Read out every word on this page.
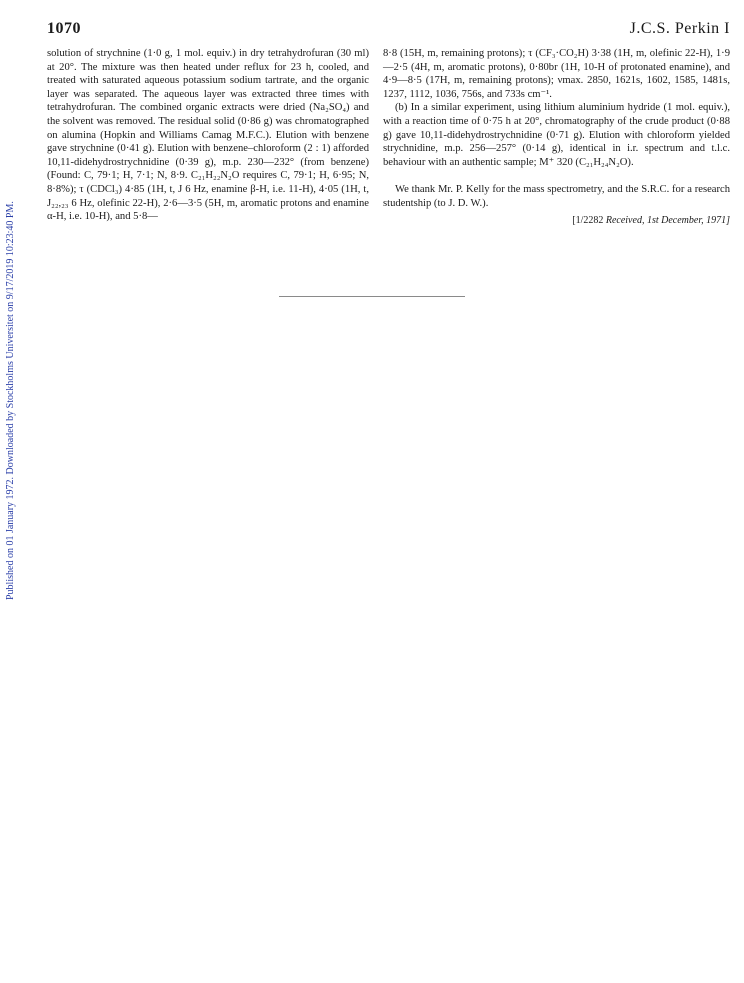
Published on 01 January 1972. Downloaded by Stockholms Universitet on 9/17/2019 10:23:40 PM.
1070	J.C.S. Perkin I

solution of strychnine (1·0 g, 1 mol. equiv.) in dry tetrahydrofuran (30 ml) at 20°. The mixture was then heated under reflux for 23 h, cooled, and treated with saturated aqueous potassium sodium tartrate, and the organic layer was separated. The aqueous layer was extracted three times with tetrahydrofuran. The combined organic extracts were dried (Na₂SO₄) and the solvent was removed. The residual solid (0·86 g) was chromatographed on alumina (Hopkin and Williams Camag M.F.C.). Elution with benzene gave strychnine (0·41 g). Elution with benzene–chloroform (2 : 1) afforded 10,11-didehydrostrychnidine (0·39 g), m.p. 230—232° (from benzene) (Found: C, 79·1; H, 7·1; N, 8·9. C₂₁H₂₂N₂O requires C, 79·1; H, 6·95; N, 8·8%); τ (CDCl₃) 4·85 (1H, t, J 6 Hz, enamine β-H, i.e. 11-H), 4·05 (1H, t, J₂₂,₂₃ 6 Hz, olefinic 22-H), 2·6—3·5 (5H, m, aromatic protons and enamine α-H, i.e. 10-H), and 5·8—

8·8 (15H, m, remaining protons); τ (CF₃·CO₂H) 3·38 (1H, m, olefinic 22-H), 1·9—2·5 (4H, m, aromatic protons), 0·80br (1H, 10-H of protonated enamine), and 4·9—8·5 (17H, m, remaining protons); νmax. 2850, 1621s, 1602, 1585, 1481s, 1237, 1112, 1036, 756s, and 733s cm⁻¹.

(b) In a similar experiment, using lithium aluminium hydride (1 mol. equiv.), with a reaction time of 0·75 h at 20°, chromatography of the crude product (0·88 g) gave 10,11-didehydrostrychnidine (0·71 g). Elution with chloroform yielded strychnidine, m.p. 256—257° (0·14 g), identical in i.r. spectrum and t.l.c. behaviour with an authentic sample; M⁺ 320 (C₂₁H₂₄N₂O).

We thank Mr. P. Kelly for the mass spectrometry, and the S.R.C. for a research studentship (to J. D. W.).

[1/2282 Received, 1st December, 1971]
